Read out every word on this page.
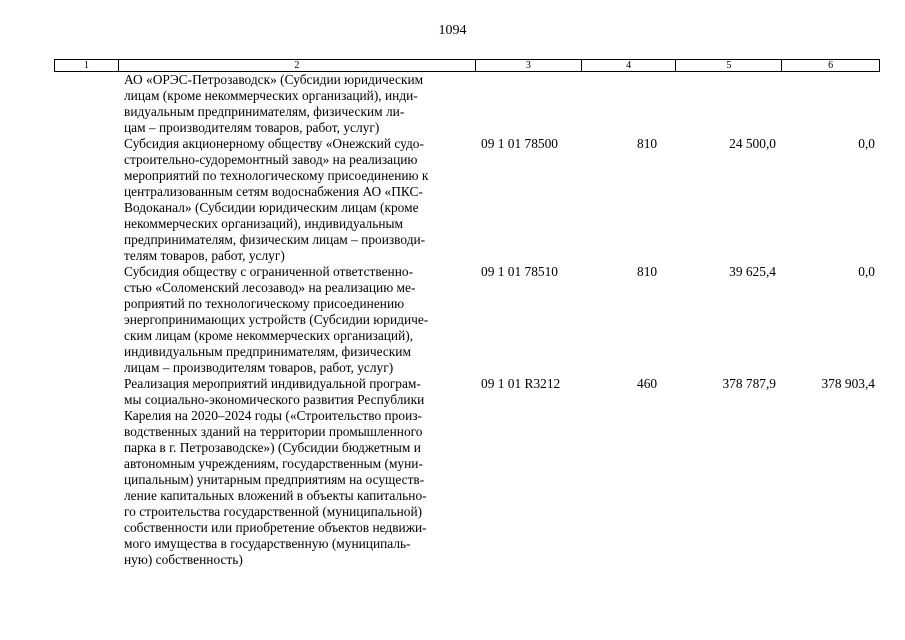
1094
1	2	3	4	5	6
АО «ОРЭС-Петрозаводск» (Субсидии юридическим
лицам (кроме некоммерческих организаций), инди-
видуальным предпринимателям, физическим ли-
цам – производителям товаров, работ, услуг)
Субсидия акционерному обществу «Онежский судо-
строительно-судоремонтный завод» на реализацию
мероприятий по технологическому присоединению к
централизованным сетям водоснабжения АО «ПКС-
Водоканал» (Субсидии юридическим лицам (кроме
некоммерческих организаций), индивидуальным
предпринимателям, физическим лицам – производи-
телям товаров, работ, услуг)
09 1 01 78500	810	24 500,0	0,0
Субсидия обществу с ограниченной ответственно-
стью «Соломенский лесозавод» на реализацию ме-
роприятий по технологическому присоединению
энергопринимающих устройств (Субсидии юридиче-
ским лицам (кроме некоммерческих организаций),
индивидуальным предпринимателям, физическим
лицам – производителям товаров, работ, услуг)
09 1 01 78510	810	39 625,4	0,0
Реализация мероприятий индивидуальной програм-
мы социально-экономического развития Республики
Карелия на 2020–2024 годы («Строительство произ-
водственных зданий на территории промышленного
парка в г. Петрозаводске») (Субсидии бюджетным и
автономным учреждениям, государственным (муни-
ципальным) унитарным предприятиям на осуществ-
ление капитальных вложений в объекты капитально-
го строительства государственной (муниципальной)
собственности или приобретение объектов недвижи-
мого имущества в государственную (муниципаль-
ную) собственность)
09 1 01 R3212	460	378 787,9	378 903,4
